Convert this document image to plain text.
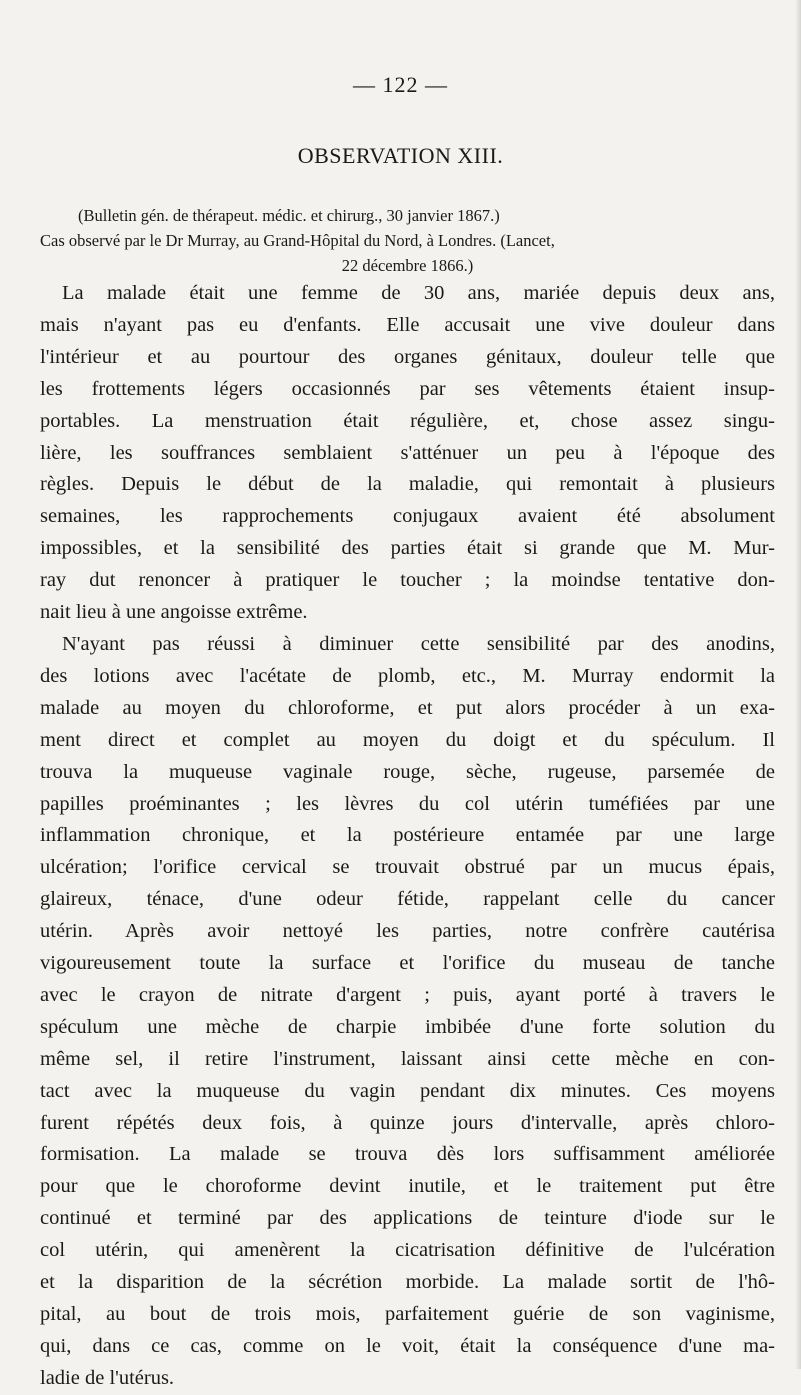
— 122 —
OBSERVATION XIII.
(Bulletin gén. de thérapeut. médic. et chirurg., 30 janvier 1867.)
Cas observé par le Dr Murray, au Grand-Hôpital du Nord, à Londres. (Lancet,
22 décembre 1866.)
La malade était une femme de 30 ans, mariée depuis deux ans,
mais n'ayant pas eu d'enfants. Elle accusait une vive douleur dans
l'intérieur et au pourtour des organes génitaux, douleur telle que
les frottements légers occasionnés par ses vêtements étaient insup-
portables. La menstruation était régulière, et, chose assez singu-
lière, les souffrances semblaient s'atténuer un peu à l'époque des
règles. Depuis le début de la maladie, qui remontait à plusieurs
semaines, les rapprochements conjugaux avaient été absolument
impossibles, et la sensibilité des parties était si grande que M. Mur-
ray dut renoncer à pratiquer le toucher ; la moindse tentative don-
nait lieu à une angoisse extrême.
N'ayant pas réussi à diminuer cette sensibilité par des anodins,
des lotions avec l'acétate de plomb, etc., M. Murray endormit la
malade au moyen du chloroforme, et put alors procéder à un exa-
ment direct et complet au moyen du doigt et du spéculum. Il
trouva la muqueuse vaginale rouge, sèche, rugeuse, parsemée de
papilles proéminantes ; les lèvres du col utérin tuméfiées par une
inflammation chronique, et la postérieure entamée par une large
ulcération; l'orifice cervical se trouvait obstrué par un mucus épais,
glaireux, ténace, d'une odeur fétide, rappelant celle du cancer
utérin. Après avoir nettoyé les parties, notre confrère cautérisa
vigoureusement toute la surface et l'orifice du museau de tanche
avec le crayon de nitrate d'argent ; puis, ayant porté à travers le
spéculum une mèche de charpie imbibée d'une forte solution du
même sel, il retire l'instrument, laissant ainsi cette mèche en con-
tact avec la muqueuse du vagin pendant dix minutes. Ces moyens
furent répétés deux fois, à quinze jours d'intervalle, après chloro-
formisation. La malade se trouva dès lors suffisamment améliorée
pour que le choroforme devint inutile, et le traitement put être
continué et terminé par des applications de teinture d'iode sur le
col utérin, qui amenèrent la cicatrisation définitive de l'ulcération
et la disparition de la sécrétion morbide. La malade sortit de l'hô-
pital, au bout de trois mois, parfaitement guérie de son vaginisme,
qui, dans ce cas, comme on le voit, était la conséquence d'une ma-
ladie de l'utérus.
